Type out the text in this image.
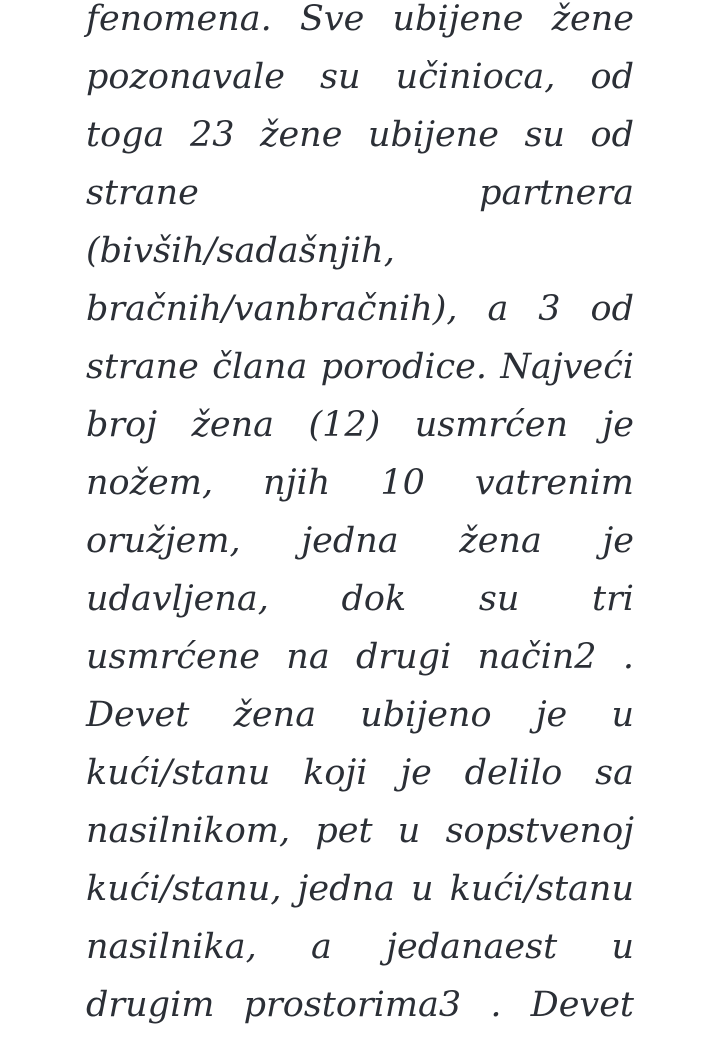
fenomena. Sve ubijene žene
pozonavale su učinioca, od
toga 23 žene ubijene su od
strane partnera
(bivših/sadašnjih,
bračnih/vanbračnih), a 3 od
strane člana porodice. Najveći
broj žena (12) usmrćen je
nožem, njih 10 vatrenim
oružjem, jedna žena je
udavljena, dok su tri
usmrćene na drugi način2 .
Devet žena ubijeno je u
kući/stanu koji je delilo sa
nasilnikom, pet u sopstvenoj
kući/stanu, jedna u kući/stanu
nasilnika, a jedanaest u
drugim prostorima3 . Devet
